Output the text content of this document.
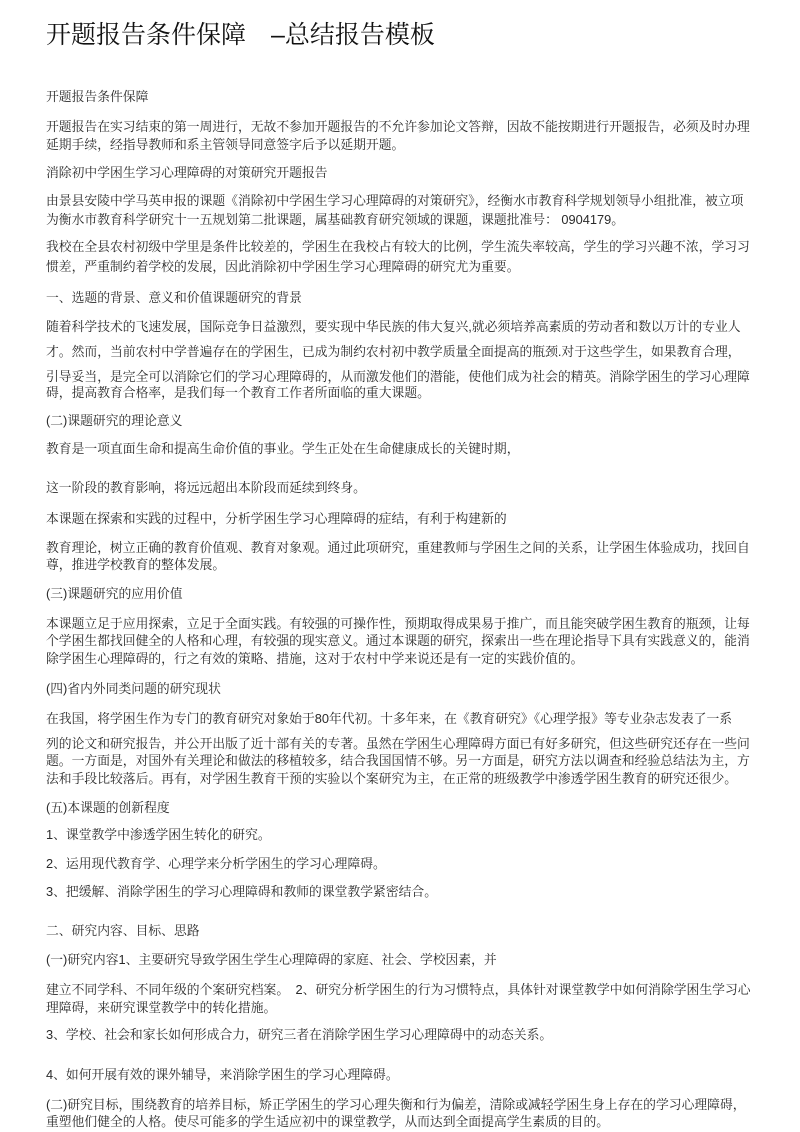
开题报告条件保障　–总结报告模板
开题报告条件保障
开题报告在实习结束的第一周进行，无故不参加开题报告的不允许参加论文答辩，因故不能按期进行开题报告，必须及时办理
延期手续，经指导教师和系主管领导同意签字后予以延期开题。
消除初中学困生学习心理障碍的对策研究开题报告
由景县安陵中学马英申报的课题《消除初中学困生学习心理障碍的对策研究》，经衡水市教育科学规划领导小组批准，被立项
为衡水市教育科学研究十一五规划第二批课题，属基础教育研究领域的课题，课题批准号： 0904179。
我校在全县农村初级中学里是条件比较差的，学困生在我校占有较大的比例，学生流失率较高，学生的学习兴趣不浓，学习习
惯差，严重制约着学校的发展，因此消除初中学困生学习心理障碍的研究尤为重要。
一、选题的背景、意义和价值课题研究的背景
随着科学技术的飞速发展，国际竞争日益激烈，要实现中华民族的伟大复兴,就必须培养高素质的劳动者和数以万计的专业人
才。然而，当前农村中学普遍存在的学困生，已成为制约农村初中教学质量全面提高的瓶颈.对于这些学生，如果教育合理，
引导妥当，是完全可以消除它们的学习心理障碍的，从而激发他们的潜能，使他们成为社会的精英。消除学困生的学习心理障
碍，提高教育合格率，是我们每一个教育工作者所面临的重大课题。
(二)课题研究的理论意义
教育是一项直面生命和提高生命价值的事业。学生正处在生命健康成长的关键时期，
这一阶段的教育影响，将远远超出本阶段而延续到终身。
本课题在探索和实践的过程中，分析学困生学习心理障碍的症结，有利于构建新的
教育理论，树立正确的教育价值观、教育对象观。通过此项研究，重建教师与学困生之间的关系，让学困生体验成功，找回自
尊，推进学校教育的整体发展。
(三)课题研究的应用价值
本课题立足于应用探索，立足于全面实践。有较强的可操作性，预期取得成果易于推广，而且能突破学困生教育的瓶颈，让每
个学困生都找回健全的人格和心理，有较强的现实意义。通过本课题的研究，探索出一些在理论指导下具有实践意义的，能消
除学困生心理障碍的，行之有效的策略、措施，这对于农村中学来说还是有一定的实践价值的。
(四)省内外同类问题的研究现状
在我国，将学困生作为专门的教育研究对象始于80年代初。十多年来，在《教育研究》《心理学报》等专业杂志发表了一系
列的论文和研究报告，并公开出版了近十部有关的专著。虽然在学困生心理障碍方面已有好多研究，但这些研究还存在一些问
题。一方面是，对国外有关理论和做法的移植较多，结合我国国情不够。另一方面是，研究方法以调查和经验总结法为主，方
法和手段比较落后。再有，对学困生教育干预的实验以个案研究为主，在正常的班级教学中渗透学困生教育的研究还很少。
(五)本课题的创新程度
1、课堂教学中渗透学困生转化的研究。
2、运用现代教育学、心理学来分析学困生的学习心理障碍。
3、把缓解、消除学困生的学习心理障碍和教师的课堂教学紧密结合。
二、研究内容、目标、思路
(一)研究内容1、主要研究导致学困生学生心理障碍的家庭、社会、学校因素，并
建立不同学科、不同年级的个案研究档案。　2、研究分析学困生的行为习惯特点，具体针对课堂教学中如何消除学困生学习心
理障碍，来研究课堂教学中的转化措施。
3、学校、社会和家长如何形成合力，研究三者在消除学困生学习心理障碍中的动态关系。
4、如何开展有效的课外辅导，来消除学困生的学习心理障碍。
(二)研究目标，围绕教育的培养目标，矫正学困生的学习心理失衡和行为偏差，清除或减轻学困生身上存在的学习心理障碍，
重塑他们健全的人格。使尽可能多的学生适应初中的课堂教学，从而达到全面提高学生素质的目的。
